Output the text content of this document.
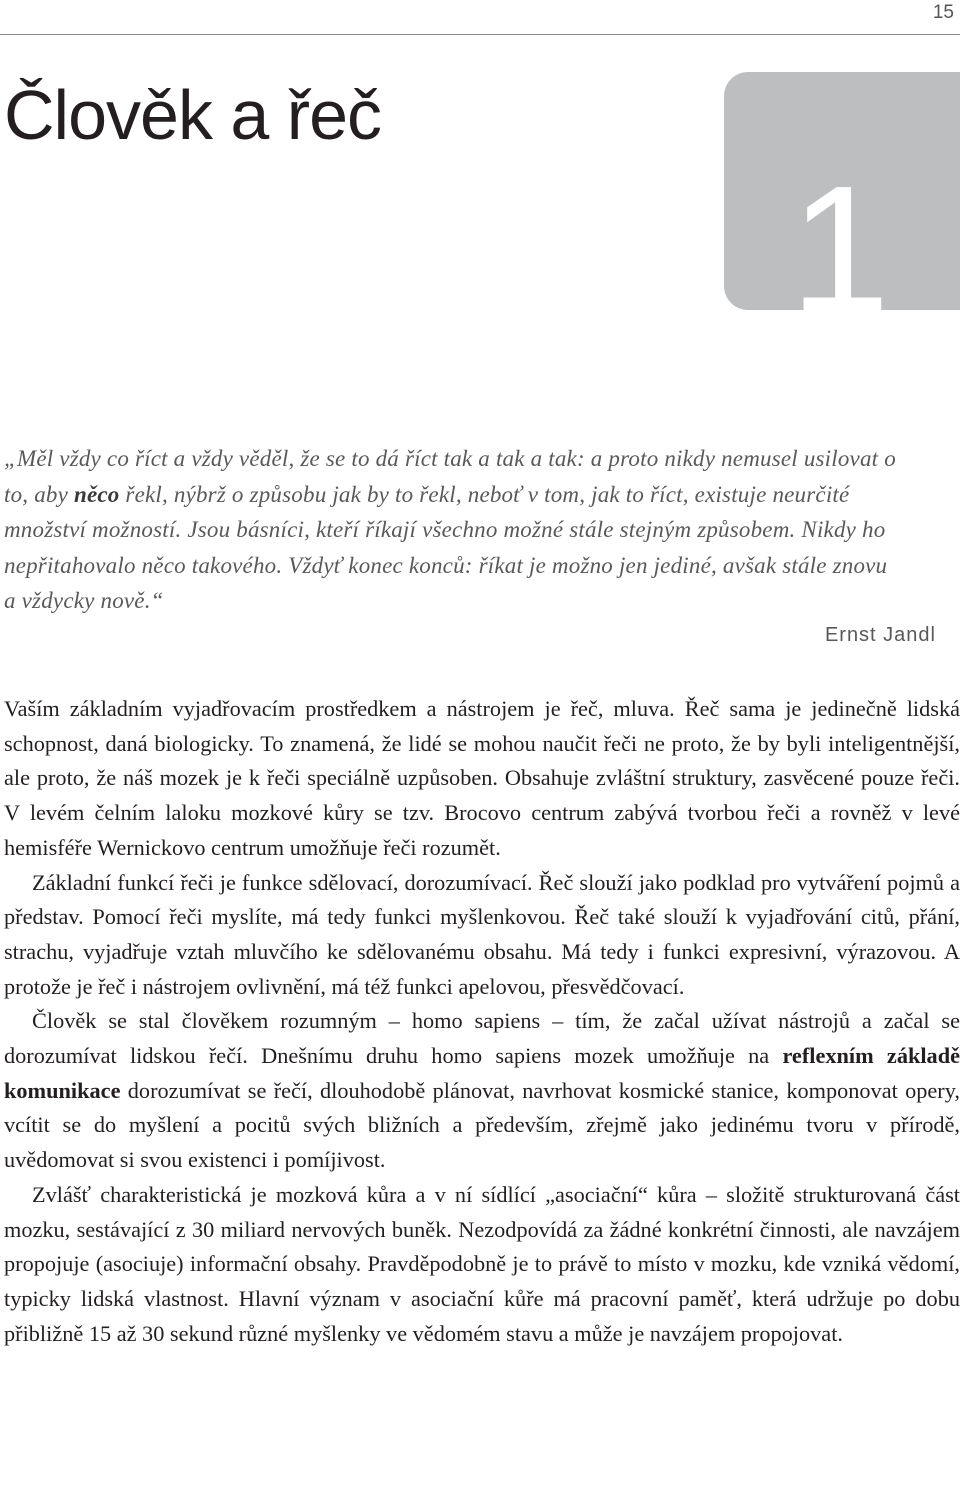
15
Člověk a řeč
1

„Měl vždy co říct a vždy věděl, že se to dá říct tak a tak a tak: a proto nikdy nemusel usilovat o to, aby něco řekl, nýbrž o způsobu jak by to řekl, neboť v tom, jak to říct, existuje neurčité množství možností. Jsou básníci, kteří říkají všechno možné stále stejným způsobem. Nikdy ho nepřitahovalo něco takového. Vždyť konec konců: říkat je možno jen jediné, avšak stále znovu a vždycky nově.“

Ernst Jandl

Vaším základním vyjadřovacím prostředkem a nástrojem je řeč, mluva. Řeč sama je jedinečně lidská schopnost, daná biologicky. To znamená, že lidé se mohou naučit řeči ne proto, že by byli inteligentnější, ale proto, že náš mozek je k řeči speciálně uzpůsoben. Obsahuje zvláštní struktury, zasvěcené pouze řeči. V levém čelním laloku mozkové kůry se tzv. Brocovo centrum zabývá tvorbou řeči a rovněž v levé hemisféře Wernickovo centrum umožňuje řeči rozumět.

Základní funkcí řeči je funkce sdělovací, dorozumívací. Řeč slouží jako podklad pro vytváření pojmů a představ. Pomocí řeči myslíte, má tedy funkci myšlenkovou. Řeč také slouží k vyjadřování citů, přání, strachu, vyjadřuje vztah mluvčího ke sdělovanému obsahu. Má tedy i funkci expresivní, výrazovou. A protože je řeč i nástrojem ovlivnění, má též funkci apelovou, přesvědčovací.

Člověk se stal člověkem rozumným – homo sapiens – tím, že začal užívat nástrojů a začal se dorozumívat lidskou řečí. Dnešnímu druhu homo sapiens mozek umožňuje na reflexním základě komunikace dorozumívat se řečí, dlouhodobě plánovat, navrhovat kosmické stanice, komponovat opery, vcítit se do myšlení a pocitů svých bližních a především, zřejmě jako jedinému tvoru v přírodě, uvědomovat si svou existenci i pomíjivost.

Zvlášť charakteristická je mozková kůra a v ní sídlící „asociační“ kůra – složitě strukturovaná část mozku, sestávající z 30 miliard nervových buněk. Nezodpovídá za žádné konkrétní činnosti, ale navzájem propojuje (asociuje) informační obsahy. Pravděpodobně je to právě to místo v mozku, kde vzniká vědomí, typicky lidská vlastnost. Hlavní význam v asociační kůře má pracovní paměť, která udržuje po dobu přibližně 15 až 30 sekund různé myšlenky ve vědomém stavu a může je navzájem propojovat.
